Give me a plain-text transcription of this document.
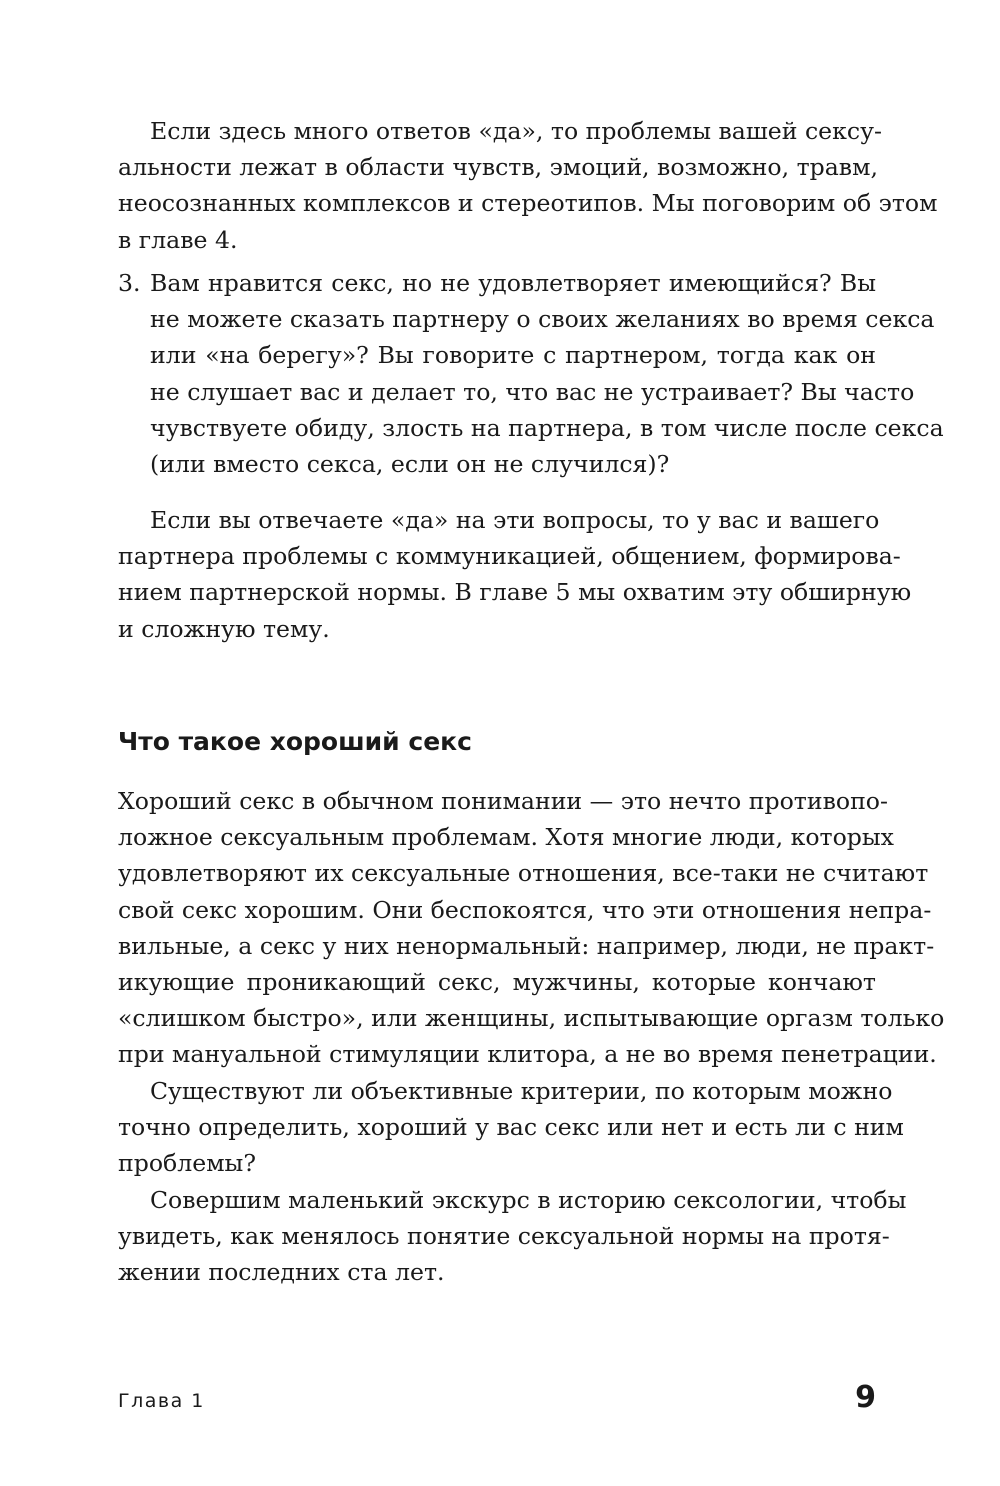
Если здесь много ответов «да», то проблемы вашей сексу-
альности лежат в области чувств, эмоций, возможно, травм,
неосознанных комплексов и стереотипов. Мы поговорим об этом
в главе 4.
3. Вам нравится секс, но не удовлетворяет имеющийся? Вы
не можете сказать партнеру о своих желаниях во время секса
или «на берегу»? Вы говорите с партнером, тогда как он
не слушает вас и делает то, что вас не устраивает? Вы часто
чувствуете обиду, злость на партнера, в том числе после секса
(или вместо секса, если он не случился)?
Если вы отвечаете «да» на эти вопросы, то у вас и вашего
партнера проблемы с коммуникацией, общением, формирова-
нием партнерской нормы. В главе 5 мы охватим эту обширную
и сложную тему.
Что такое хороший секс
Хороший секс в обычном понимании — это нечто противопо-
ложное сексуальным проблемам. Хотя многие люди, которых
удовлетворяют их сексуальные отношения, все-таки не считают
свой секс хорошим. Они беспокоятся, что эти отношения непра-
вильные, а секс у них ненормальный: например, люди, не практ-
икующие проникающий секс, мужчины, которые кончают
«слишком быстро», или женщины, испытывающие оргазм только
при мануальной стимуляции клитора, а не во время пенетрации.
Существуют ли объективные критерии, по которым можно
точно определить, хороший у вас секс или нет и есть ли с ним
проблемы?
Совершим маленький экскурс в историю сексологии, чтобы
увидеть, как менялось понятие сексуальной нормы на протя-
жении последних ста лет.
Глава 1	9
